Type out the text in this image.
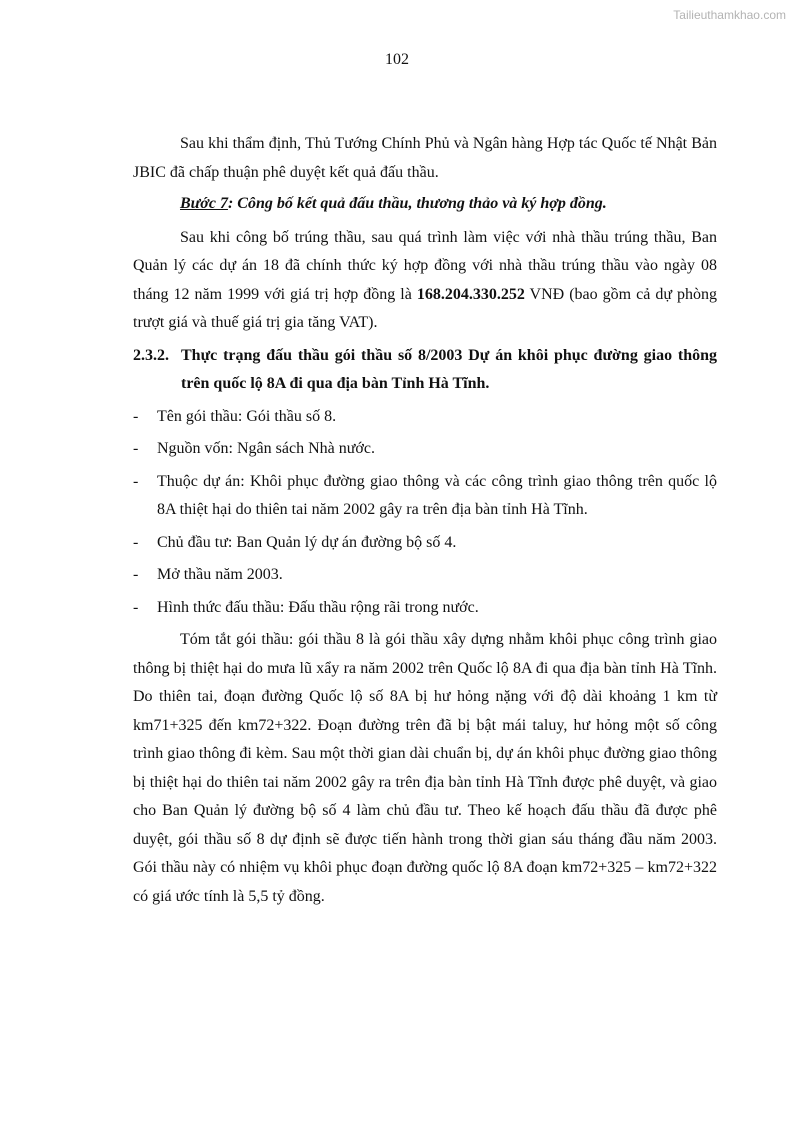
Tailieuthamkhao.com
102

Sau khi thẩm định, Thủ Tướng Chính Phủ và Ngân hàng Hợp tác Quốc tế Nhật Bản JBIC đã chấp thuận phê duyệt kết quả đấu thầu.

Bước 7: Công bố kết quả đấu thầu, thương thảo và ký hợp đồng.

Sau khi công bố trúng thầu, sau quá trình làm việc với nhà thầu trúng thầu, Ban Quản lý các dự án 18 đã chính thức ký hợp đồng với nhà thầu trúng thầu vào ngày 08 tháng 12 năm 1999 với giá trị hợp đồng là 168.204.330.252 VNĐ (bao gồm cả dự phòng trượt giá và thuế giá trị gia tăng VAT).

2.3.2. Thực trạng đấu thầu gói thầu số 8/2003 Dự án khôi phục đường giao thông trên quốc lộ 8A đi qua địa bàn Tỉnh Hà Tĩnh.
-	Tên gói thầu: Gói thầu số 8.
-	Nguồn vốn: Ngân sách Nhà nước.
-	Thuộc dự án: Khôi phục đường giao thông và các công trình giao thông trên quốc lộ 8A thiệt hại do thiên tai năm 2002 gây ra trên địa bàn tỉnh Hà Tĩnh.
-	Chủ đầu tư: Ban Quản lý dự án đường bộ số 4.
-	Mở thầu năm 2003.
-	Hình thức đấu thầu: Đấu thầu rộng rãi trong nước.

Tóm tắt gói thầu: gói thầu 8 là gói thầu xây dựng nhằm khôi phục công trình giao thông bị thiệt hại do mưa lũ xẩy ra năm 2002 trên Quốc lộ 8A đi qua địa bàn tỉnh Hà Tĩnh. Do thiên tai, đoạn đường Quốc lộ số 8A bị hư hỏng nặng với độ dài khoảng 1 km từ km71+325 đến km72+322. Đoạn đường trên đã bị bật mái taluy, hư hỏng một số công trình giao thông đi kèm. Sau một thời gian dài chuẩn bị, dự án khôi phục đường giao thông bị thiệt hại do thiên tai năm 2002 gây ra trên địa bàn tỉnh Hà Tĩnh được phê duyệt, và giao cho Ban Quản lý đường bộ số 4 làm chủ đầu tư. Theo kế hoạch đấu thầu đã được phê duyệt, gói thầu số 8 dự định sẽ được tiến hành trong thời gian sáu tháng đầu năm 2003. Gói thầu này có nhiệm vụ khôi phục đoạn đường quốc lộ 8A đoạn km72+325 – km72+322 có giá ước tính là 5,5 tỷ đồng.
